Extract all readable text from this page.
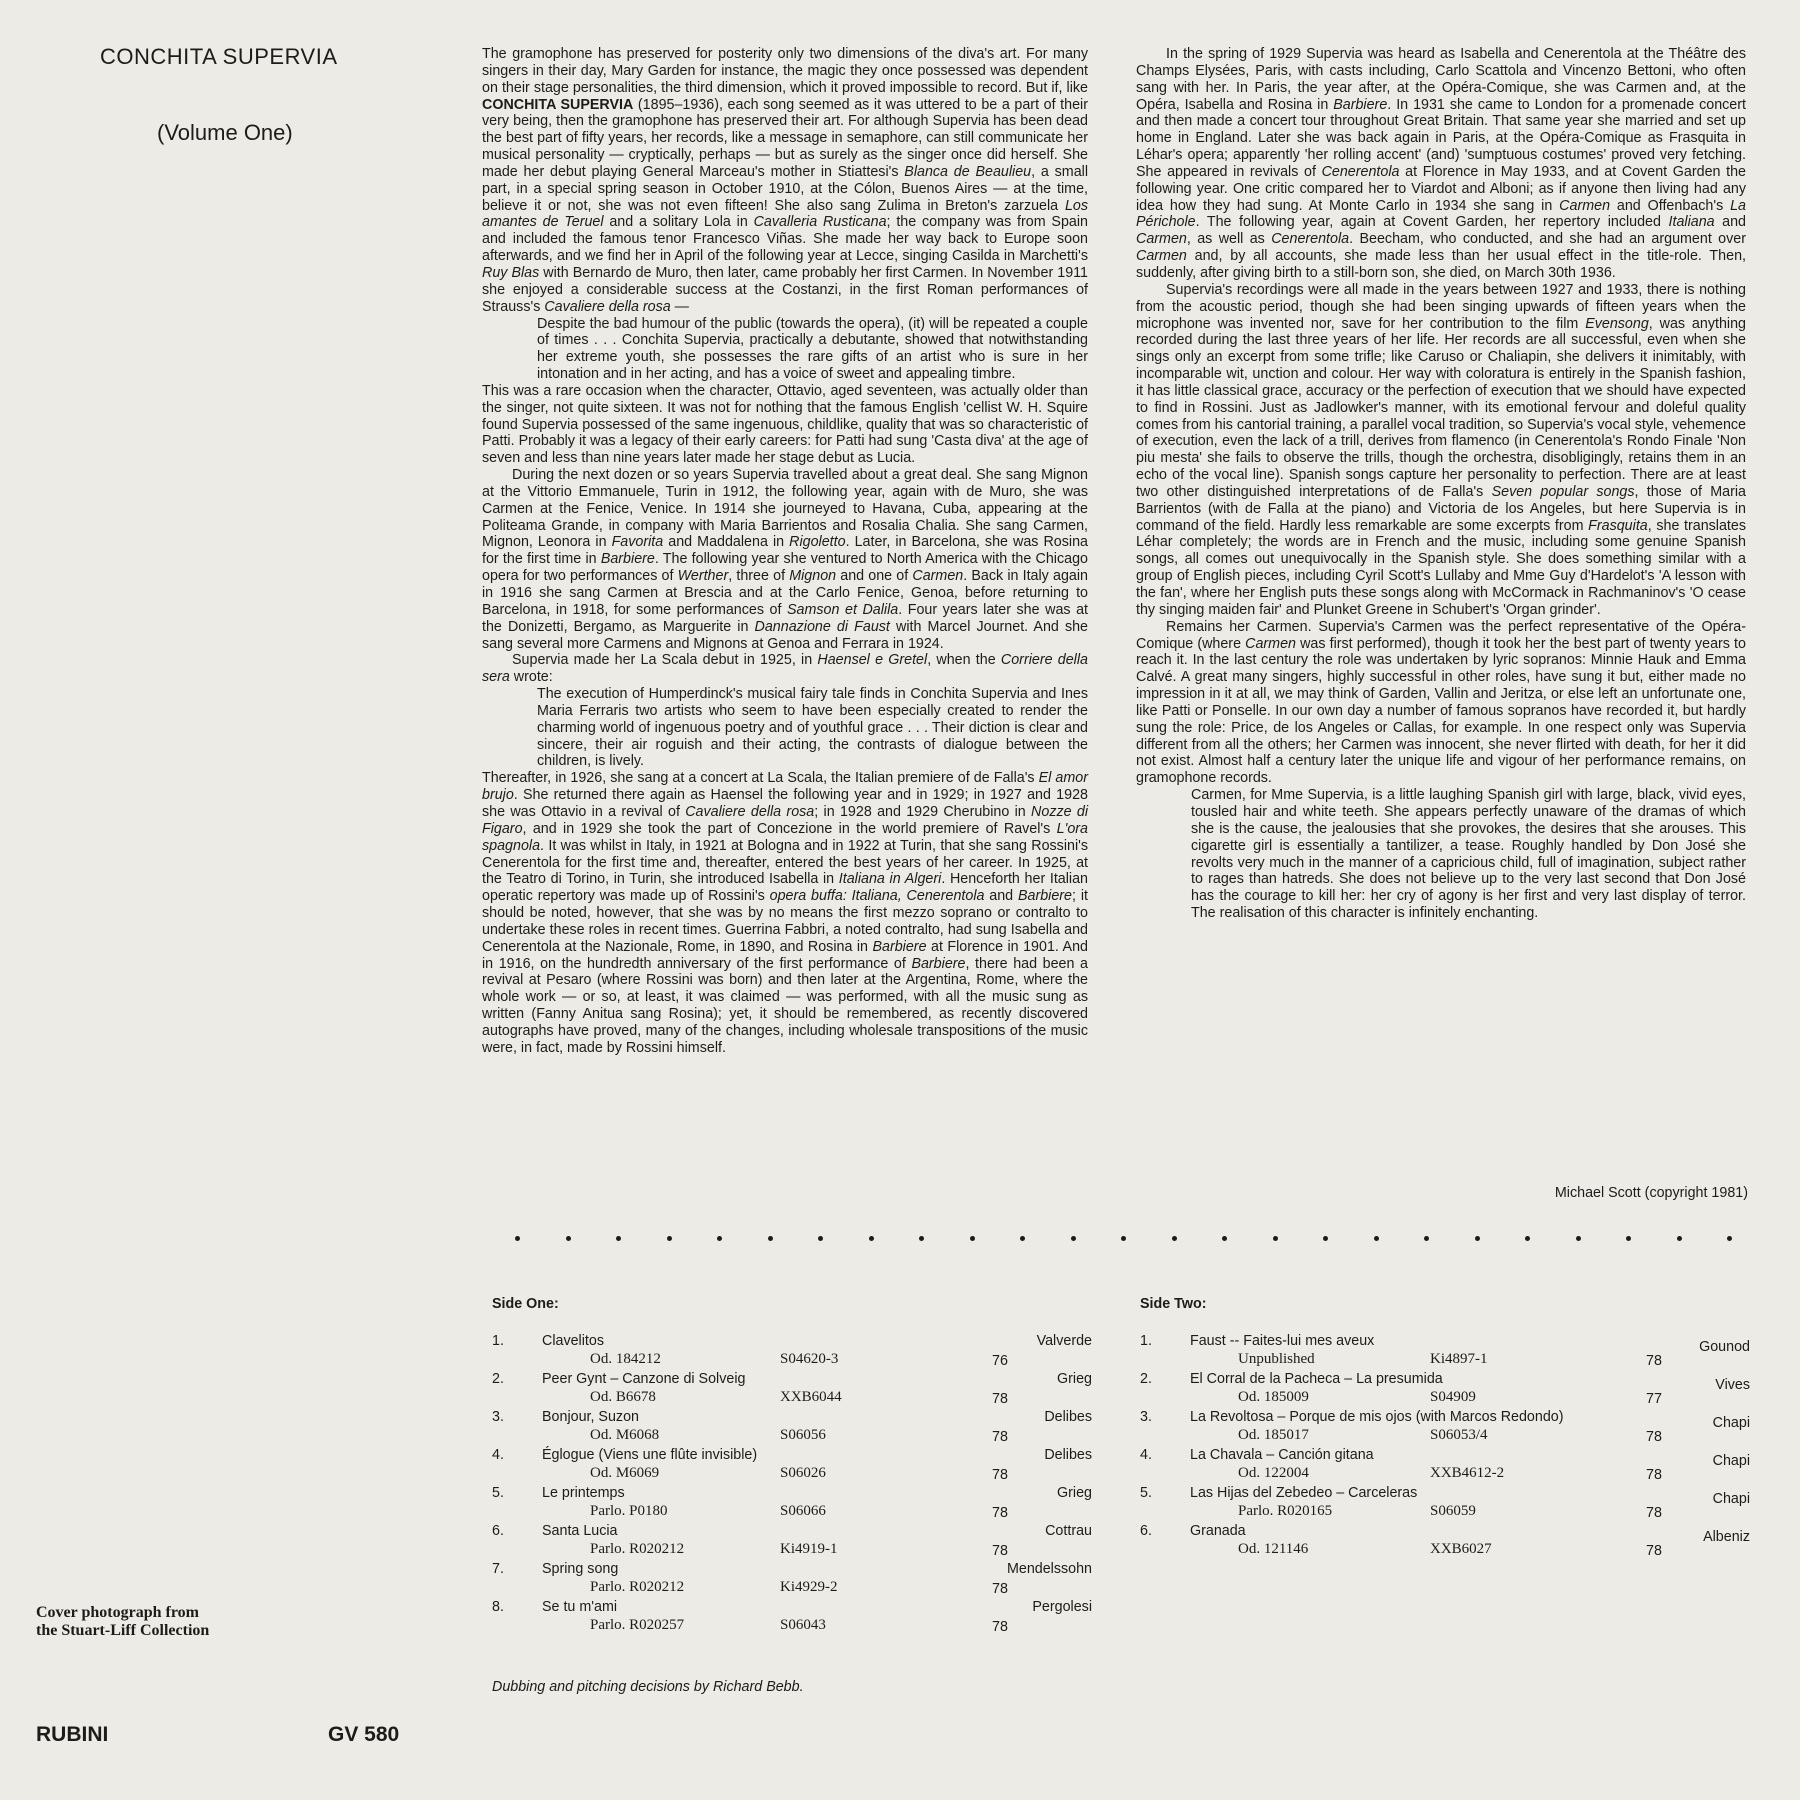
CONCHITA SUPERVIA
(Volume One)

The gramophone has preserved for posterity only two dimensions of the diva's art. For many singers in their day, Mary Garden for instance, the magic they once possessed was dependent on their stage personalities, the third dimension, which it proved impossible to record. But if, like CONCHITA SUPERVIA (1895–1936), each song seemed as it was uttered to be a part of their very being, then the gramophone has preserved their art. For although Supervia has been dead the best part of fifty years, her records, like a message in semaphore, can still communicate her musical personality — cryptically, perhaps — but as surely as the singer once did herself. She made her debut playing General Marceau's mother in Stiattesi's Blanca de Beaulieu, a small part, in a special spring season in October 1910, at the Cólon, Buenos Aires — at the time, believe it or not, she was not even fifteen! She also sang Zulima in Breton's zarzuela Los amantes de Teruel and a solitary Lola in Cavalleria Rusticana; the company was from Spain and included the famous tenor Francesco Viñas. She made her way back to Europe soon afterwards, and we find her in April of the following year at Lecce, singing Casilda in Marchetti's Ruy Blas with Bernardo de Muro, then later, came probably her first Carmen. In November 1911 she enjoyed a considerable success at the Costanzi, in the first Roman performances of Strauss's Cavaliere della rosa —

Despite the bad humour of the public (towards the opera), (it) will be repeated a couple of times . . . Conchita Supervia, practically a debutante, showed that notwithstanding her extreme youth, she possesses the rare gifts of an artist who is sure in her intonation and in her acting, and has a voice of sweet and appealing timbre.

This was a rare occasion when the character, Ottavio, aged seventeen, was actually older than the singer, not quite sixteen. It was not for nothing that the famous English 'cellist W. H. Squire found Supervia possessed of the same ingenuous, childlike, quality that was so characteristic of Patti. Probably it was a legacy of their early careers: for Patti had sung 'Casta diva' at the age of seven and less than nine years later made her stage debut as Lucia.

During the next dozen or so years Supervia travelled about a great deal. She sang Mignon at the Vittorio Emmanuele, Turin in 1912, the following year, again with de Muro, she was Carmen at the Fenice, Venice. In 1914 she journeyed to Havana, Cuba, appearing at the Politeama Grande, in company with Maria Barrientos and Rosalia Chalia. She sang Carmen, Mignon, Leonora in Favorita and Maddalena in Rigoletto. Later, in Barcelona, she was Rosina for the first time in Barbiere. The following year she ventured to North America with the Chicago opera for two performances of Werther, three of Mignon and one of Carmen. Back in Italy again in 1916 she sang Carmen at Brescia and at the Carlo Fenice, Genoa, before returning to Barcelona, in 1918, for some performances of Samson et Dalila. Four years later she was at the Donizetti, Bergamo, as Marguerite in Dannazione di Faust with Marcel Journet. And she sang several more Carmens and Mignons at Genoa and Ferrara in 1924.

Supervia made her La Scala debut in 1925, in Haensel e Gretel, when the Corriere della sera wrote:

The execution of Humperdinck's musical fairy tale finds in Conchita Supervia and Ines Maria Ferraris two artists who seem to have been especially created to render the charming world of ingenuous poetry and of youthful grace . . . Their diction is clear and sincere, their air roguish and their acting, the contrasts of dialogue between the children, is lively.

Thereafter, in 1926, she sang at a concert at La Scala, the Italian premiere of de Falla's El amor brujo. She returned there again as Haensel the following year and in 1929; in 1927 and 1928 she was Ottavio in a revival of Cavaliere della rosa; in 1928 and 1929 Cherubino in Nozze di Figaro, and in 1929 she took the part of Concezione in the world premiere of Ravel's L'ora spagnola. It was whilst in Italy, in 1921 at Bologna and in 1922 at Turin, that she sang Rossini's Cenerentola for the first time and, thereafter, entered the best years of her career. In 1925, at the Teatro di Torino, in Turin, she introduced Isabella in Italiana in Algeri. Henceforth her Italian operatic repertory was made up of Rossini's opera buffa: Italiana, Cenerentola and Barbiere; it should be noted, however, that she was by no means the first mezzo soprano or contralto to undertake these roles in recent times. Guerrina Fabbri, a noted contralto, had sung Isabella and Cenerentola at the Nazionale, Rome, in 1890, and Rosina in Barbiere at Florence in 1901. And in 1916, on the hundredth anniversary of the first performance of Barbiere, there had been a revival at Pesaro (where Rossini was born) and then later at the Argentina, Rome, where the whole work — or so, at least, it was claimed — was performed, with all the music sung as written (Fanny Anitua sang Rosina); yet, it should be remembered, as recently discovered autographs have proved, many of the changes, including wholesale transpositions of the music were, in fact, made by Rossini himself.

In the spring of 1929 Supervia was heard as Isabella and Cenerentola at the Théâtre des Champs Elysées, Paris, with casts including, Carlo Scattola and Vincenzo Bettoni, who often sang with her. In Paris, the year after, at the Opéra-Comique, she was Carmen and, at the Opéra, Isabella and Rosina in Barbiere. In 1931 she came to London for a promenade concert and then made a concert tour throughout Great Britain. That same year she married and set up home in England. Later she was back again in Paris, at the Opéra-Comique as Frasquita in Léhar's opera; apparently 'her rolling accent' (and) 'sumptuous costumes' proved very fetching. She appeared in revivals of Cenerentola at Florence in May 1933, and at Covent Garden the following year. One critic compared her to Viardot and Alboni; as if anyone then living had any idea how they had sung. At Monte Carlo in 1934 she sang in Carmen and Offenbach's La Périchole. The following year, again at Covent Garden, her repertory included Italiana and Carmen, as well as Cenerentola. Beecham, who conducted, and she had an argument over Carmen and, by all accounts, she made less than her usual effect in the title-role. Then, suddenly, after giving birth to a still-born son, she died, on March 30th 1936.

Supervia's recordings were all made in the years between 1927 and 1933, there is nothing from the acoustic period, though she had been singing upwards of fifteen years when the microphone was invented nor, save for her contribution to the film Evensong, was anything recorded during the last three years of her life. Her records are all successful, even when she sings only an excerpt from some trifle; like Caruso or Chaliapin, she delivers it inimitably, with incomparable wit, unction and colour. Her way with coloratura is entirely in the Spanish fashion, it has little classical grace, accuracy or the perfection of execution that we should have expected to find in Rossini. Just as Jadlowker's manner, with its emotional fervour and doleful quality comes from his cantorial training, a parallel vocal tradition, so Supervia's vocal style, vehemence of execution, even the lack of a trill, derives from flamenco (in Cenerentola's Rondo Finale 'Non piu mesta' she fails to observe the trills, though the orchestra, disobligingly, retains them in an echo of the vocal line). Spanish songs capture her personality to perfection. There are at least two other distinguished interpretations of de Falla's Seven popular songs, those of Maria Barrientos (with de Falla at the piano) and Victoria de los Angeles, but here Supervia is in command of the field. Hardly less remarkable are some excerpts from Frasquita, she translates Léhar completely; the words are in French and the music, including some genuine Spanish songs, all comes out unequivocally in the Spanish style. She does something similar with a group of English pieces, including Cyril Scott's Lullaby and Mme Guy d'Hardelot's 'A lesson with the fan', where her English puts these songs along with McCormack in Rachmaninov's 'O cease thy singing maiden fair' and Plunket Greene in Schubert's 'Organ grinder'.

Remains her Carmen. Supervia's Carmen was the perfect representative of the Opéra-Comique (where Carmen was first performed), though it took her the best part of twenty years to reach it. In the last century the role was undertaken by lyric sopranos: Minnie Hauk and Emma Calvé. A great many singers, highly successful in other roles, have sung it but, either made no impression in it at all, we may think of Garden, Vallin and Jeritza, or else left an unfortunate one, like Patti or Ponselle. In our own day a number of famous sopranos have recorded it, but hardly sung the role: Price, de los Angeles or Callas, for example. In one respect only was Supervia different from all the others; her Carmen was innocent, she never flirted with death, for her it did not exist. Almost half a century later the unique life and vigour of her performance remains, on gramophone records.

Carmen, for Mme Supervia, is a little laughing Spanish girl with large, black, vivid eyes, tousled hair and white teeth. She appears perfectly unaware of the dramas of which she is the cause, the jealousies that she provokes, the desires that she arouses. This cigarette girl is essentially a tantilizer, a tease. Roughly handled by Don José she revolts very much in the manner of a capricious child, full of imagination, subject rather to rages than hatreds. She does not believe up to the very last second that Don José has the courage to kill her: her cry of agony is her first and very last display of terror. The realisation of this character is infinitely enchanting.

Michael Scott (copyright 1981)
Side One:	Side Two:
1.	Clavelitos	Valverde
Od. 184212	S04620-3	76
2.	Peer Gynt – Canzone di Solveig	Grieg
Od. B6678	XXB6044	78
3.	Bonjour, Suzon	Delibes
Od. M6068	S06056	78
4.	Églogue (Viens une flûte invisible)	Delibes
Od. M6069	S06026	78
5.	Le printemps	Grieg
Parlo. P0180	S06066	78
6.	Santa Lucia	Cottrau
Parlo. R020212	Ki4919-1	78
7.	Spring song	Mendelssohn
Parlo. R020212	Ki4929-2	78
8.	Se tu m'ami	Pergolesi
Parlo. R020257	S06043	78
1.	Faust -- Faites-lui mes aveux	Gounod
Unpublished	Ki4897-1	78
2.	El Corral de la Pacheca – La presumida	Vives
Od. 185009	S04909	77
3.	La Revoltosa – Porque de mis ojos (with Marcos Redondo)	Chapi
Od. 185017	S06053/4	78
4.	La Chavala – Canción gitana	Chapi
Od. 122004	XXB4612-2	78
5.	Las Hijas del Zebedeo – Carceleras	Chapi
Parlo. R020165	S06059	78
6.	Granada	Albeniz
Od. 121146	XXB6027	78
Dubbing and pitching decisions by Richard Bebb.
Cover photograph from
the Stuart-Liff Collection
RUBINI	GV 580
